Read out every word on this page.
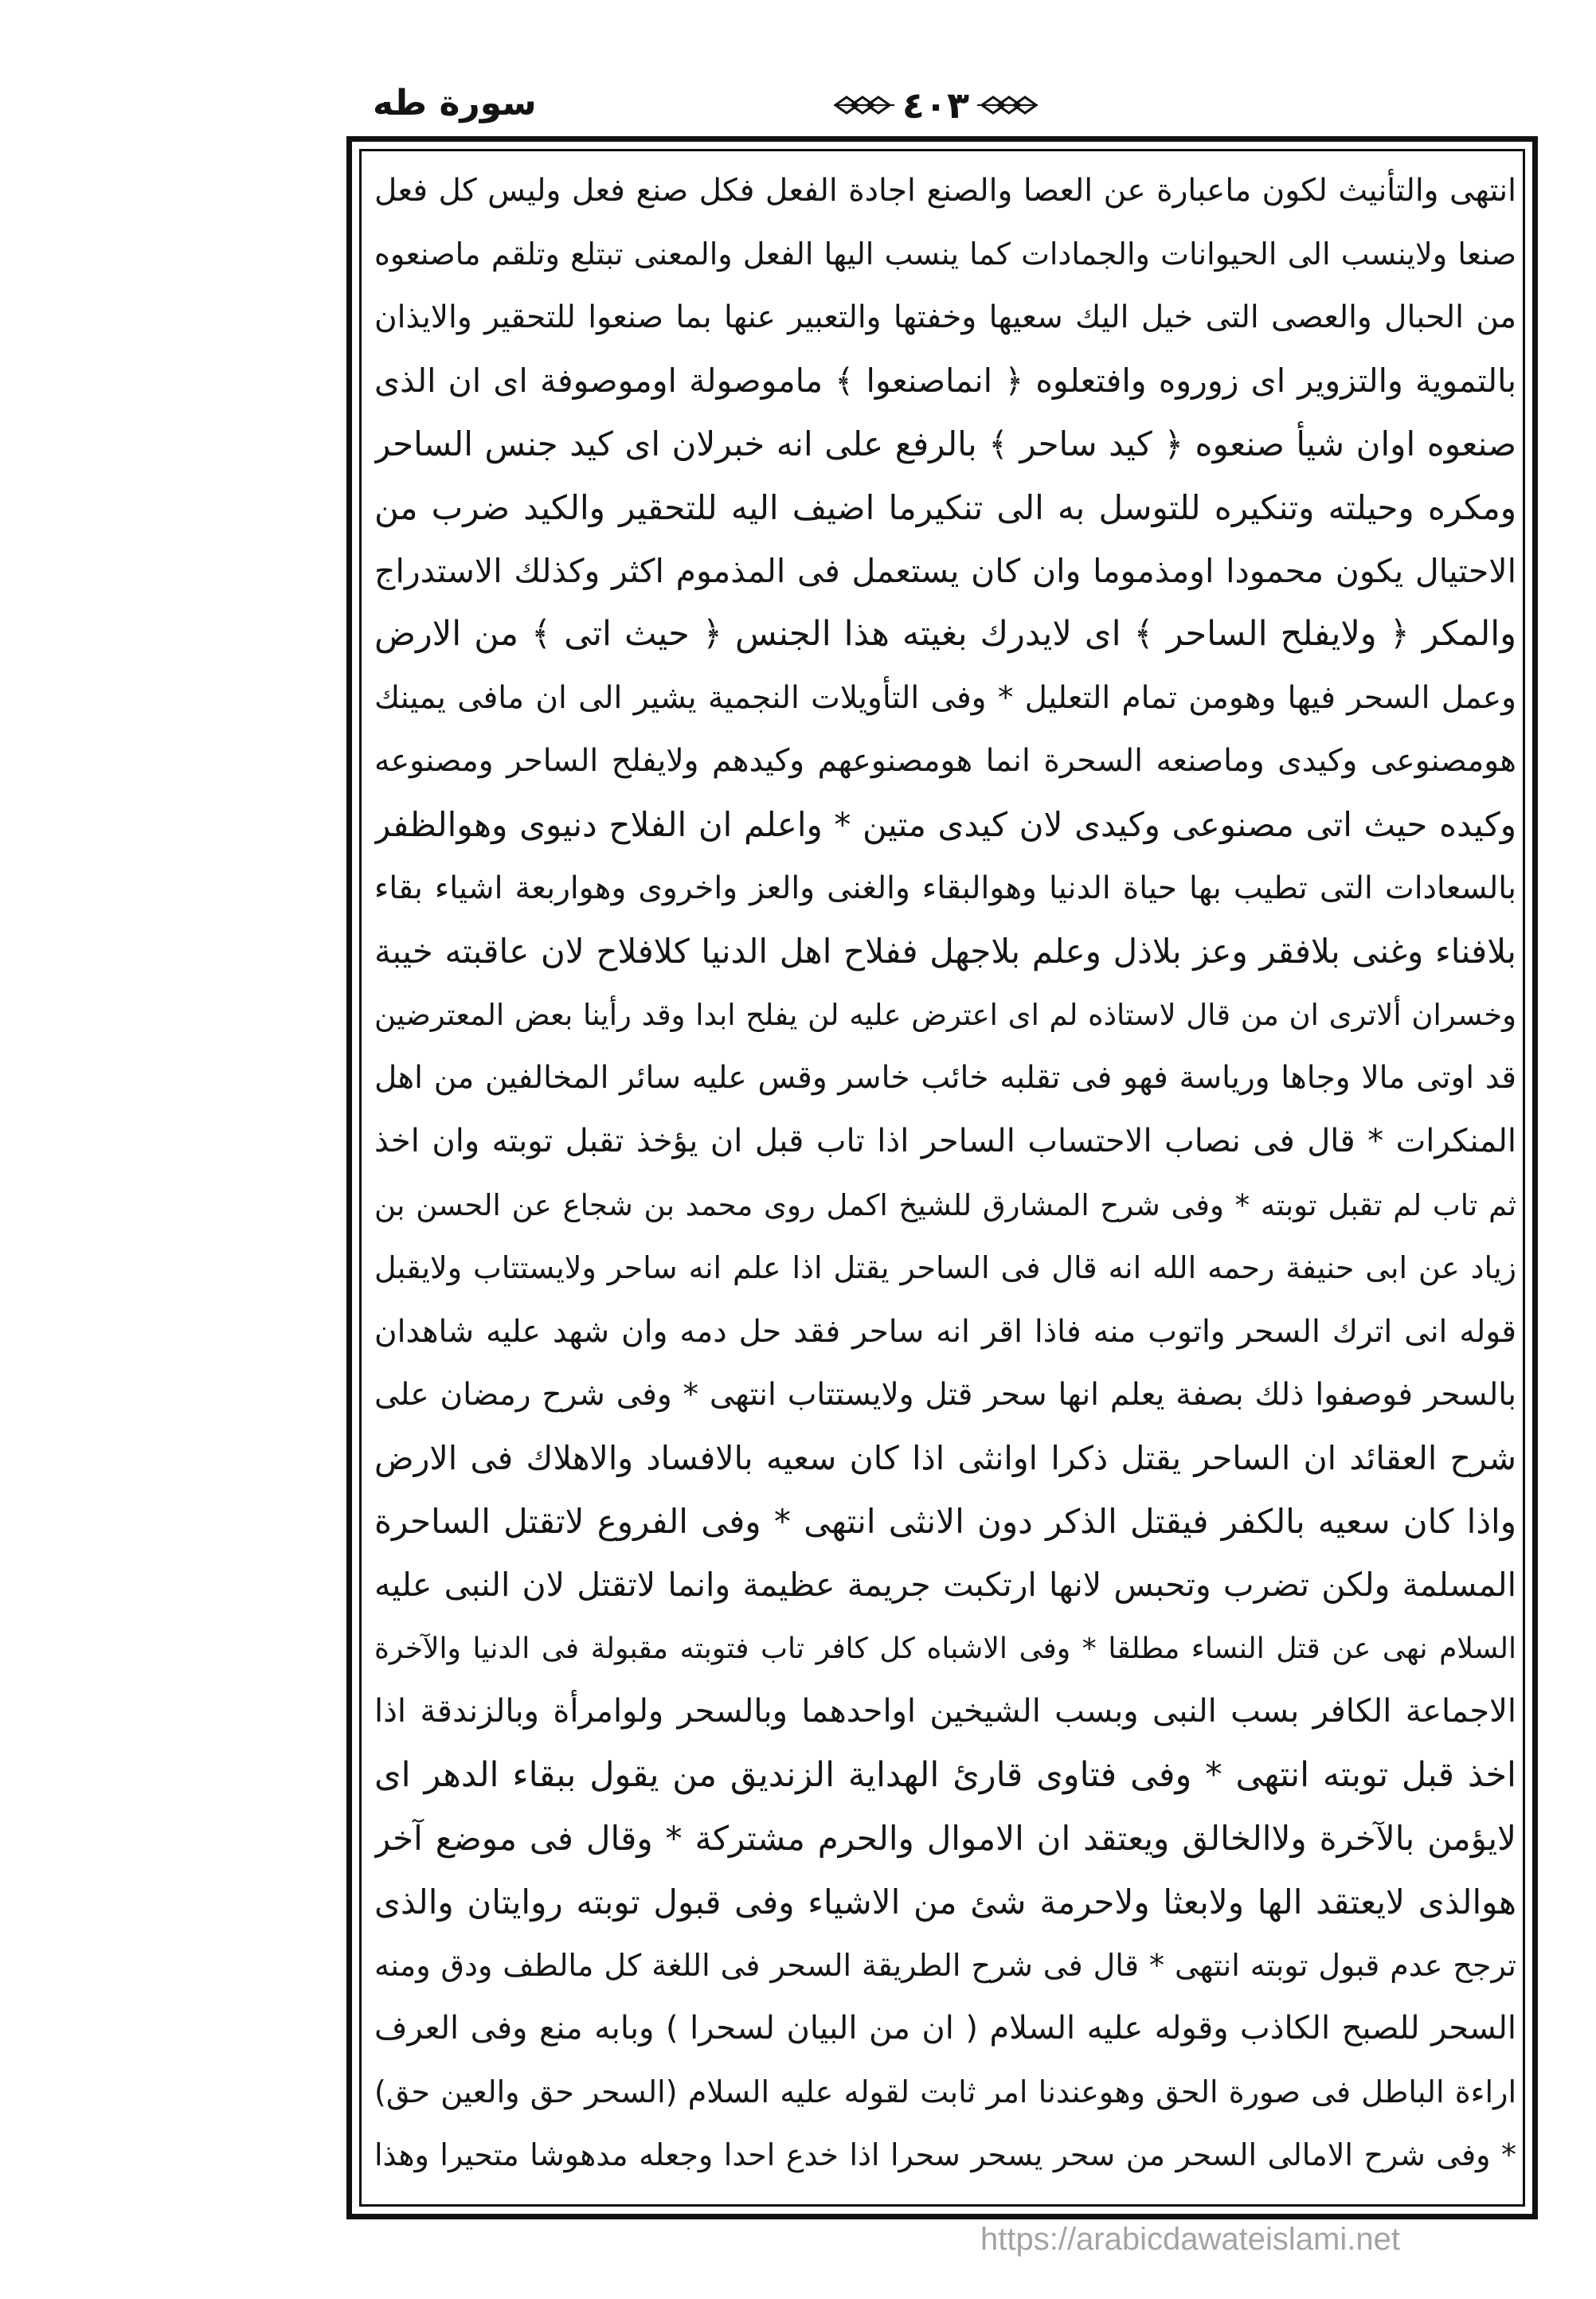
سورة طه	٤٠٣
انتهى والتأنيث لكون ماعبارة عن العصا والصنع اجادة الفعل فكل صنع فعل وليس كل فعل
صنعا ولاينسب الى الحيوانات والجمادات كما ينسب اليها الفعل والمعنى تبتلع وتلقم ماصنعوه
من الحبال والعصى التى خيل اليك سعيها وخفتها والتعبير عنها بما صنعوا للتحقير والايذان
بالتموية والتزوير اى زوروه وافتعلوه ﴿ انماصنعوا ﴾ ماموصولة اوموصوفة اى ان الذى
صنعوه اوان شيأ صنعوه ﴿ كيد ساحر ﴾ بالرفع على انه خبرلان اى كيد جنس الساحر
ومكره وحيلته وتنكيره للتوسل به الى تنكيرما اضيف اليه للتحقير والكيد ضرب من
الاحتيال يكون محمودا اومذموما وان كان يستعمل فى المذموم اكثر وكذلك الاستدراج
والمكر ﴿ ولايفلح الساحر ﴾ اى لايدرك بغيته هذا الجنس ﴿ حيث اتى ﴾ من الارض
وعمل السحر فيها وهومن تمام التعليل * وفى التأويلات النجمية يشير الى ان مافى يمينك
هومصنوعى وكيدى وماصنعه السحرة انما هومصنوعهم وكيدهم ولايفلح الساحر ومصنوعه
وكيده حيث اتى مصنوعى وكيدى لان كيدى متين * واعلم ان الفلاح دنيوى وهوالظفر
بالسعادات التى تطيب بها حياة الدنيا وهوالبقاء والغنى والعز واخروى وهواربعة اشياء بقاء
بلافناء وغنى بلافقر وعز بلاذل وعلم بلاجهل ففلاح اهل الدنيا كلافلاح لان عاقبته خيبة
وخسران ألاترى ان من قال لاستاذه لم اى اعترض عليه لن يفلح ابدا وقد رأينا بعض المعترضين
قد اوتى مالا وجاها ورياسة فهو فى تقلبه خائب خاسر وقس عليه سائر المخالفين من اهل
المنكرات * قال فى نصاب الاحتساب الساحر اذا تاب قبل ان يؤخذ تقبل توبته وان اخذ
ثم تاب لم تقبل توبته * وفى شرح المشارق للشيخ اكمل روى محمد بن شجاع عن الحسن بن
زياد عن ابى حنيفة رحمه الله انه قال فى الساحر يقتل اذا علم انه ساحر ولايستتاب ولايقبل
قوله انى اترك السحر واتوب منه فاذا اقر انه ساحر فقد حل دمه وان شهد عليه شاهدان
بالسحر فوصفوا ذلك بصفة يعلم انها سحر قتل ولايستتاب انتهى * وفى شرح رمضان على
شرح العقائد ان الساحر يقتل ذكرا اوانثى اذا كان سعيه بالافساد والاهلاك فى الارض
واذا كان سعيه بالكفر فيقتل الذكر دون الانثى انتهى * وفى الفروع لاتقتل الساحرة
المسلمة ولكن تضرب وتحبس لانها ارتكبت جريمة عظيمة وانما لاتقتل لان النبى عليه
السلام نهى عن قتل النساء مطلقا * وفى الاشباه كل كافر تاب فتوبته مقبولة فى الدنيا والآخرة
الاجماعة الكافر بسب النبى وبسب الشيخين اواحدهما وبالسحر ولوامرأة وبالزندقة اذا
اخذ قبل توبته انتهى * وفى فتاوى قارئ الهداية الزنديق من يقول ببقاء الدهر اى
لايؤمن بالآخرة ولاالخالق ويعتقد ان الاموال والحرم مشتركة * وقال فى موضع آخر
هوالذى لايعتقد الها ولابعثا ولاحرمة شئ من الاشياء وفى قبول توبته روايتان والذى
ترجح عدم قبول توبته انتهى * قال فى شرح الطريقة السحر فى اللغة كل مالطف ودق ومنه
السحر للصبح الكاذب وقوله عليه السلام ( ان من البيان لسحرا ) وبابه منع وفى العرف
اراءة الباطل فى صورة الحق وهوعندنا امر ثابت لقوله عليه السلام (السحر حق والعين حق)
* وفى شرح الامالى السحر من سحر يسحر سحرا اذا خدع احدا وجعله مدهوشا متحيرا وهذا
https://arabicdawateislami.net
